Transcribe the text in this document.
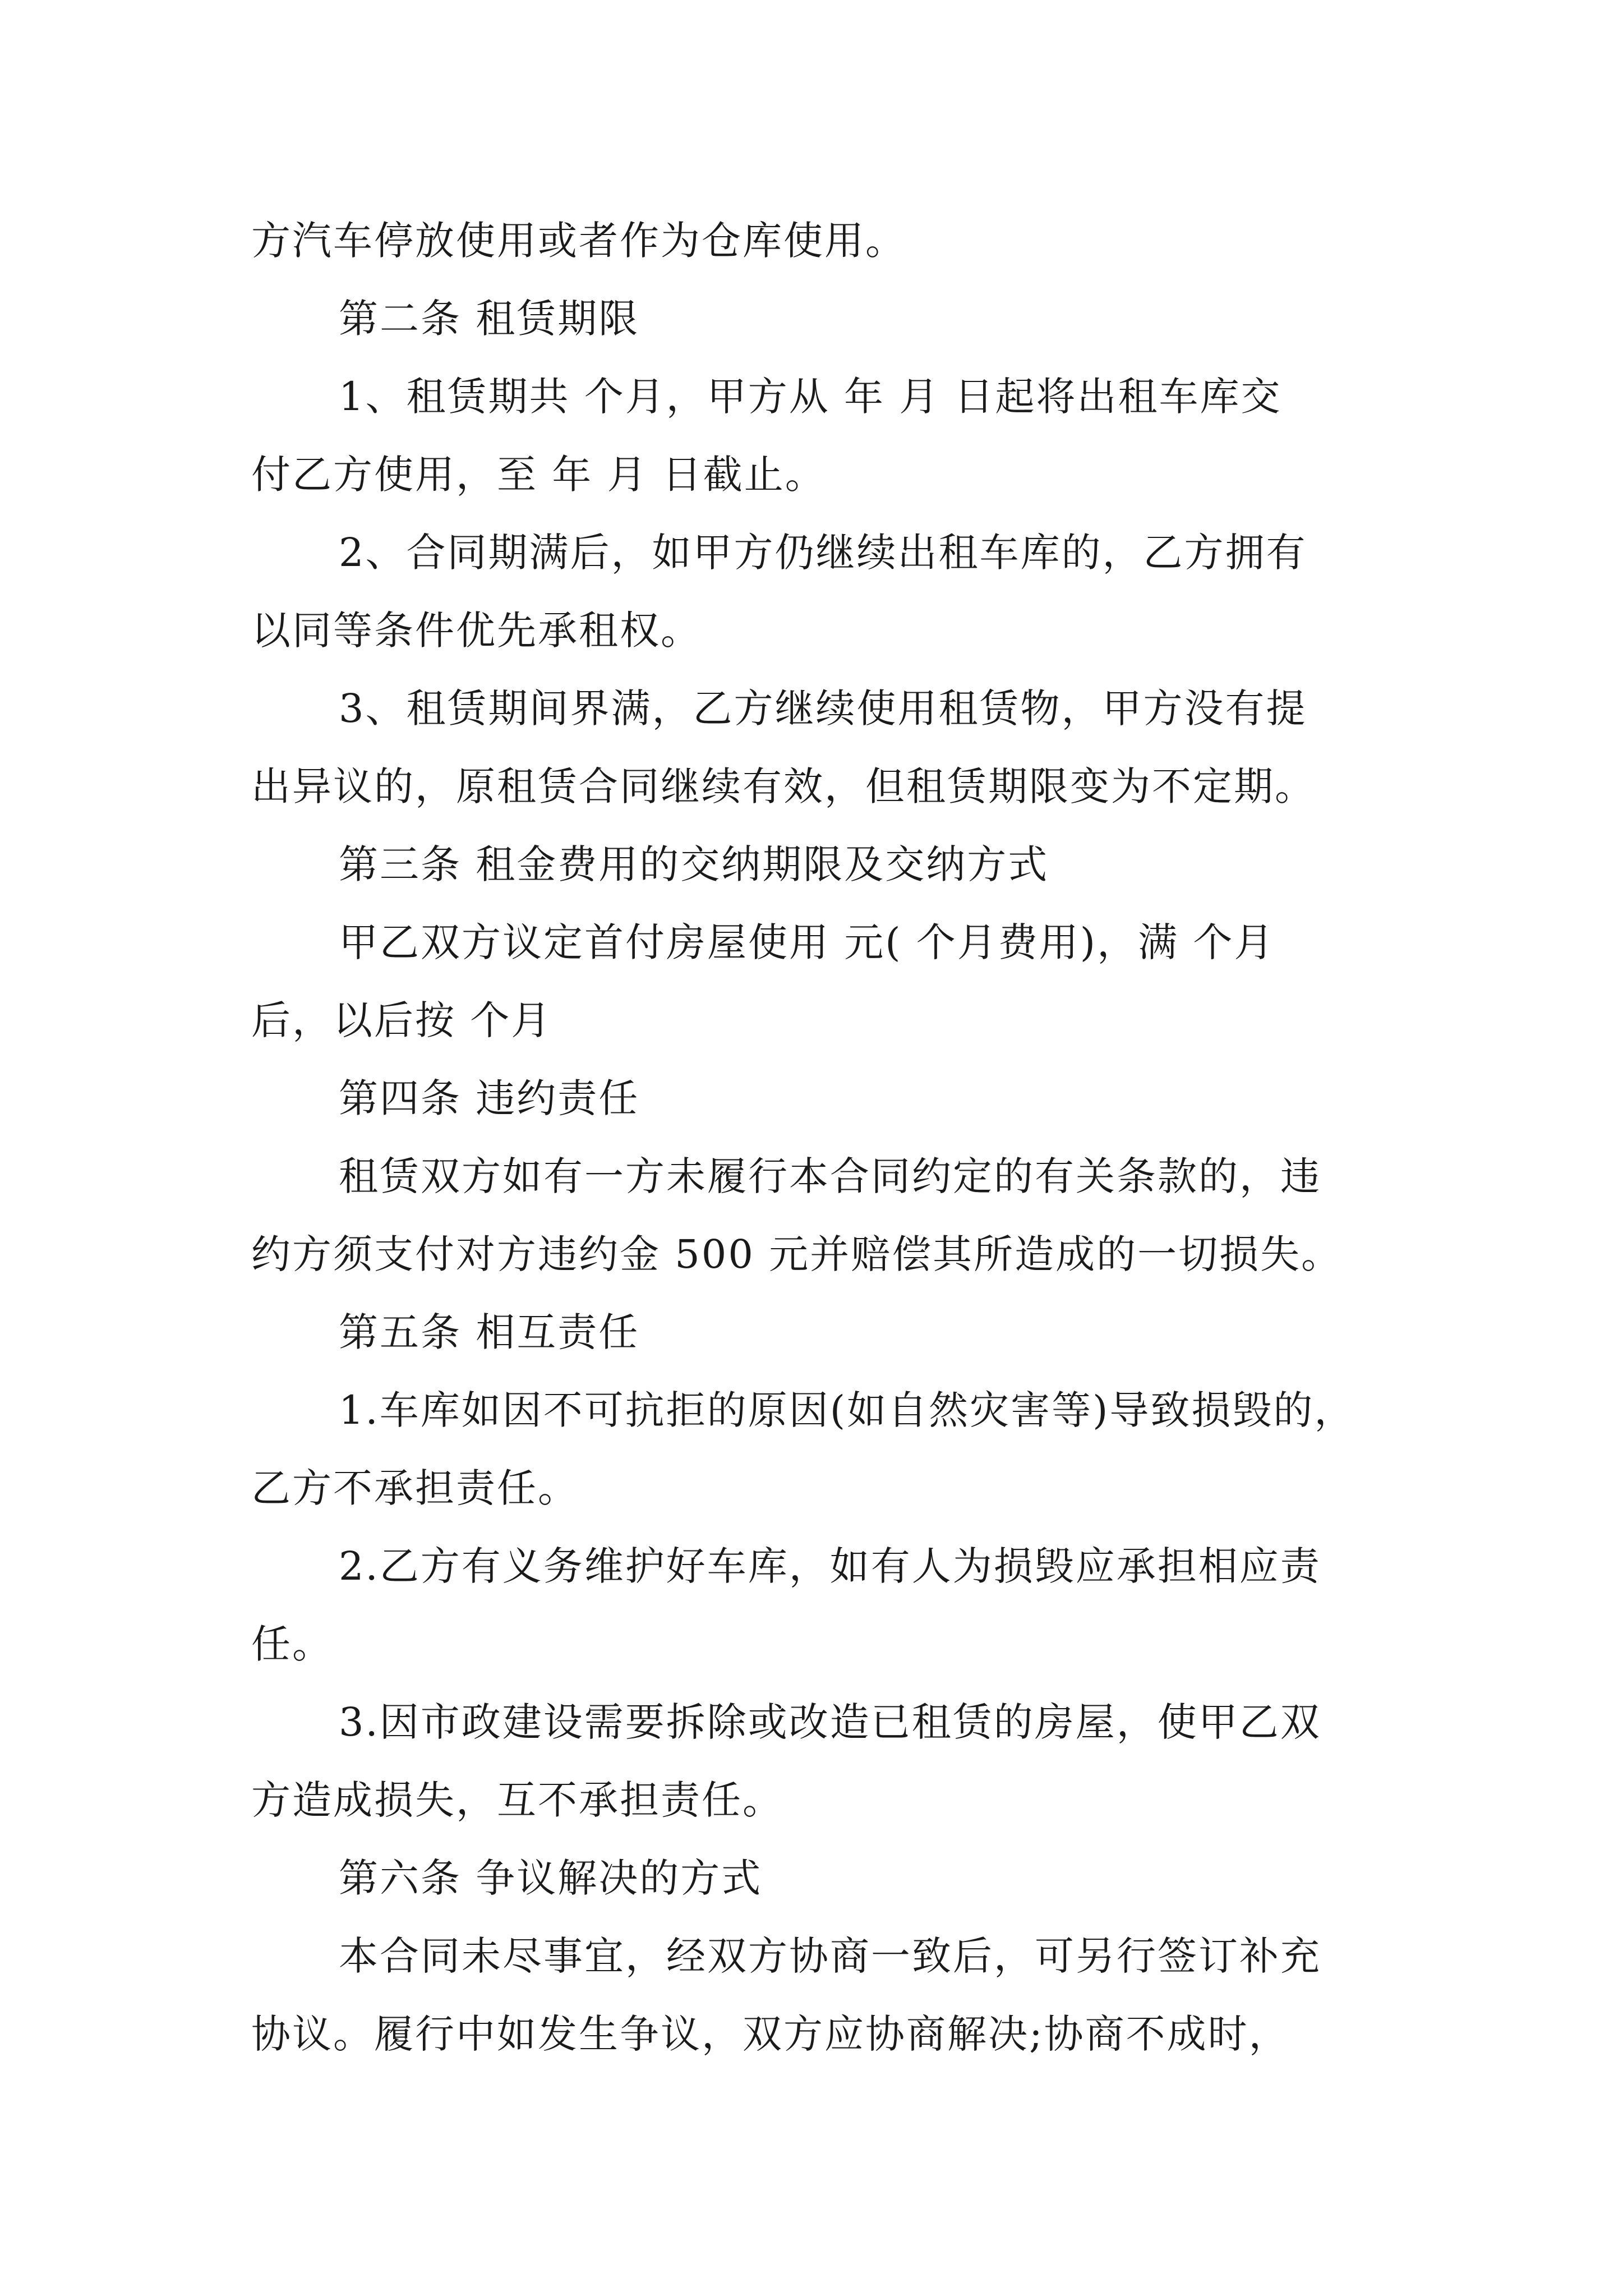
方汽车停放使用或者作为仓库使用。
第二条 租赁期限
1、租赁期共 个月，甲方从 年 月 日起将出租车库交
付乙方使用，至 年 月 日截止。
2、合同期满后，如甲方仍继续出租车库的，乙方拥有
以同等条件优先承租权。
3、租赁期间界满，乙方继续使用租赁物，甲方没有提
出异议的，原租赁合同继续有效，但租赁期限变为不定期。
第三条 租金费用的交纳期限及交纳方式
甲乙双方议定首付房屋使用 元( 个月费用)，满 个月
后，以后按 个月
第四条 违约责任
租赁双方如有一方未履行本合同约定的有关条款的，违
约方须支付对方违约金 500 元并赔偿其所造成的一切损失。
第五条 相互责任
1.车库如因不可抗拒的原因(如自然灾害等)导致损毁的，
乙方不承担责任。
2.乙方有义务维护好车库，如有人为损毁应承担相应责
任。
3.因市政建设需要拆除或改造已租赁的房屋，使甲乙双
方造成损失，互不承担责任。
第六条 争议解决的方式
本合同未尽事宜，经双方协商一致后，可另行签订补充
协议。履行中如发生争议，双方应协商解决;协商不成时，
